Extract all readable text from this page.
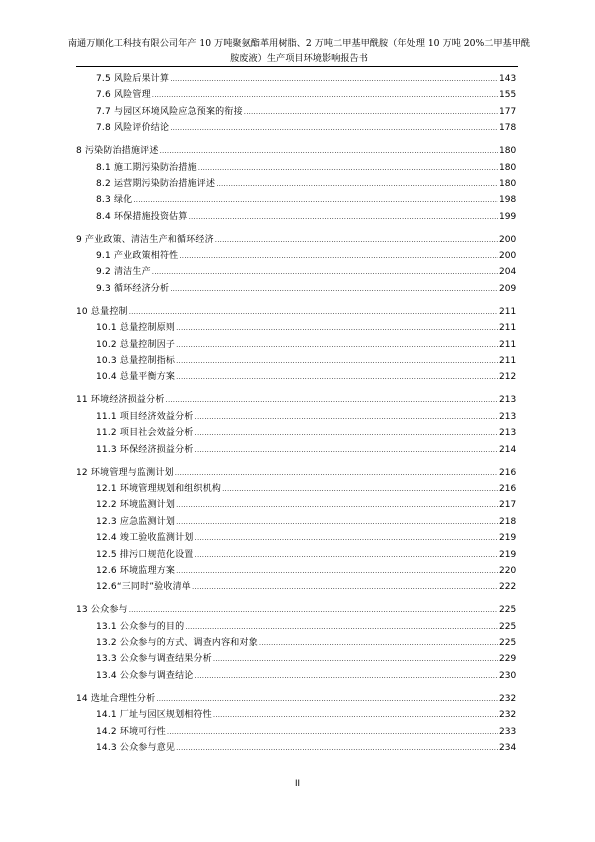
南通万顺化工科技有限公司年产 10 万吨聚氨酯革用树脂、2 万吨二甲基甲酰胺（年处理 10 万吨 20%二甲基甲酰
胺废液）生产项目环境影响报告书
7.5 风险后果计算 .....	143
7.6 风险管理 .....	155
7.7 与园区环境风险应急预案的衔接 .....	177
7.8 风险评价结论 .....	178
8 污染防治措施评述 .....	180
8.1 施工期污染防治措施 .....	180
8.2 运营期污染防治措施评述 .....	180
8.3 绿化 .....	198
8.4 环保措施投资估算 .....	199
9 产业政策、清洁生产和循环经济 .....	200
9.1 产业政策相符性 .....	200
9.2 清洁生产 .....	204
9.3 循环经济分析 .....	209
10 总量控制 .....	211
10.1 总量控制原则 .....	211
10.2 总量控制因子 .....	211
10.3 总量控制指标 .....	211
10.4 总量平衡方案 .....	212
11 环境经济损益分析 .....	213
11.1 项目经济效益分析 .....	213
11.2 项目社会效益分析 .....	213
11.3 环保经济损益分析 .....	214
12 环境管理与监测计划 .....	216
12.1 环境管理规划和组织机构 .....	216
12.2 环境监测计划 .....	217
12.3 应急监测计划 .....	218
12.4 竣工验收监测计划 .....	219
12.5 排污口规范化设置 .....	219
12.6 环境监理方案 .....	220
12.6“三同时”验收清单 .....	222
13 公众参与 .....	225
13.1 公众参与的目的 .....	225
13.2 公众参与的方式、调查内容和对象 .....	225
13.3 公众参与调查结果分析 .....	229
13.4 公众参与调查结论 .....	230
14 选址合理性分析 .....	232
14.1 厂址与园区规划相符性 .....	232
14.2 环境可行性 .....	233
14.3 公众参与意见 .....	234
II
